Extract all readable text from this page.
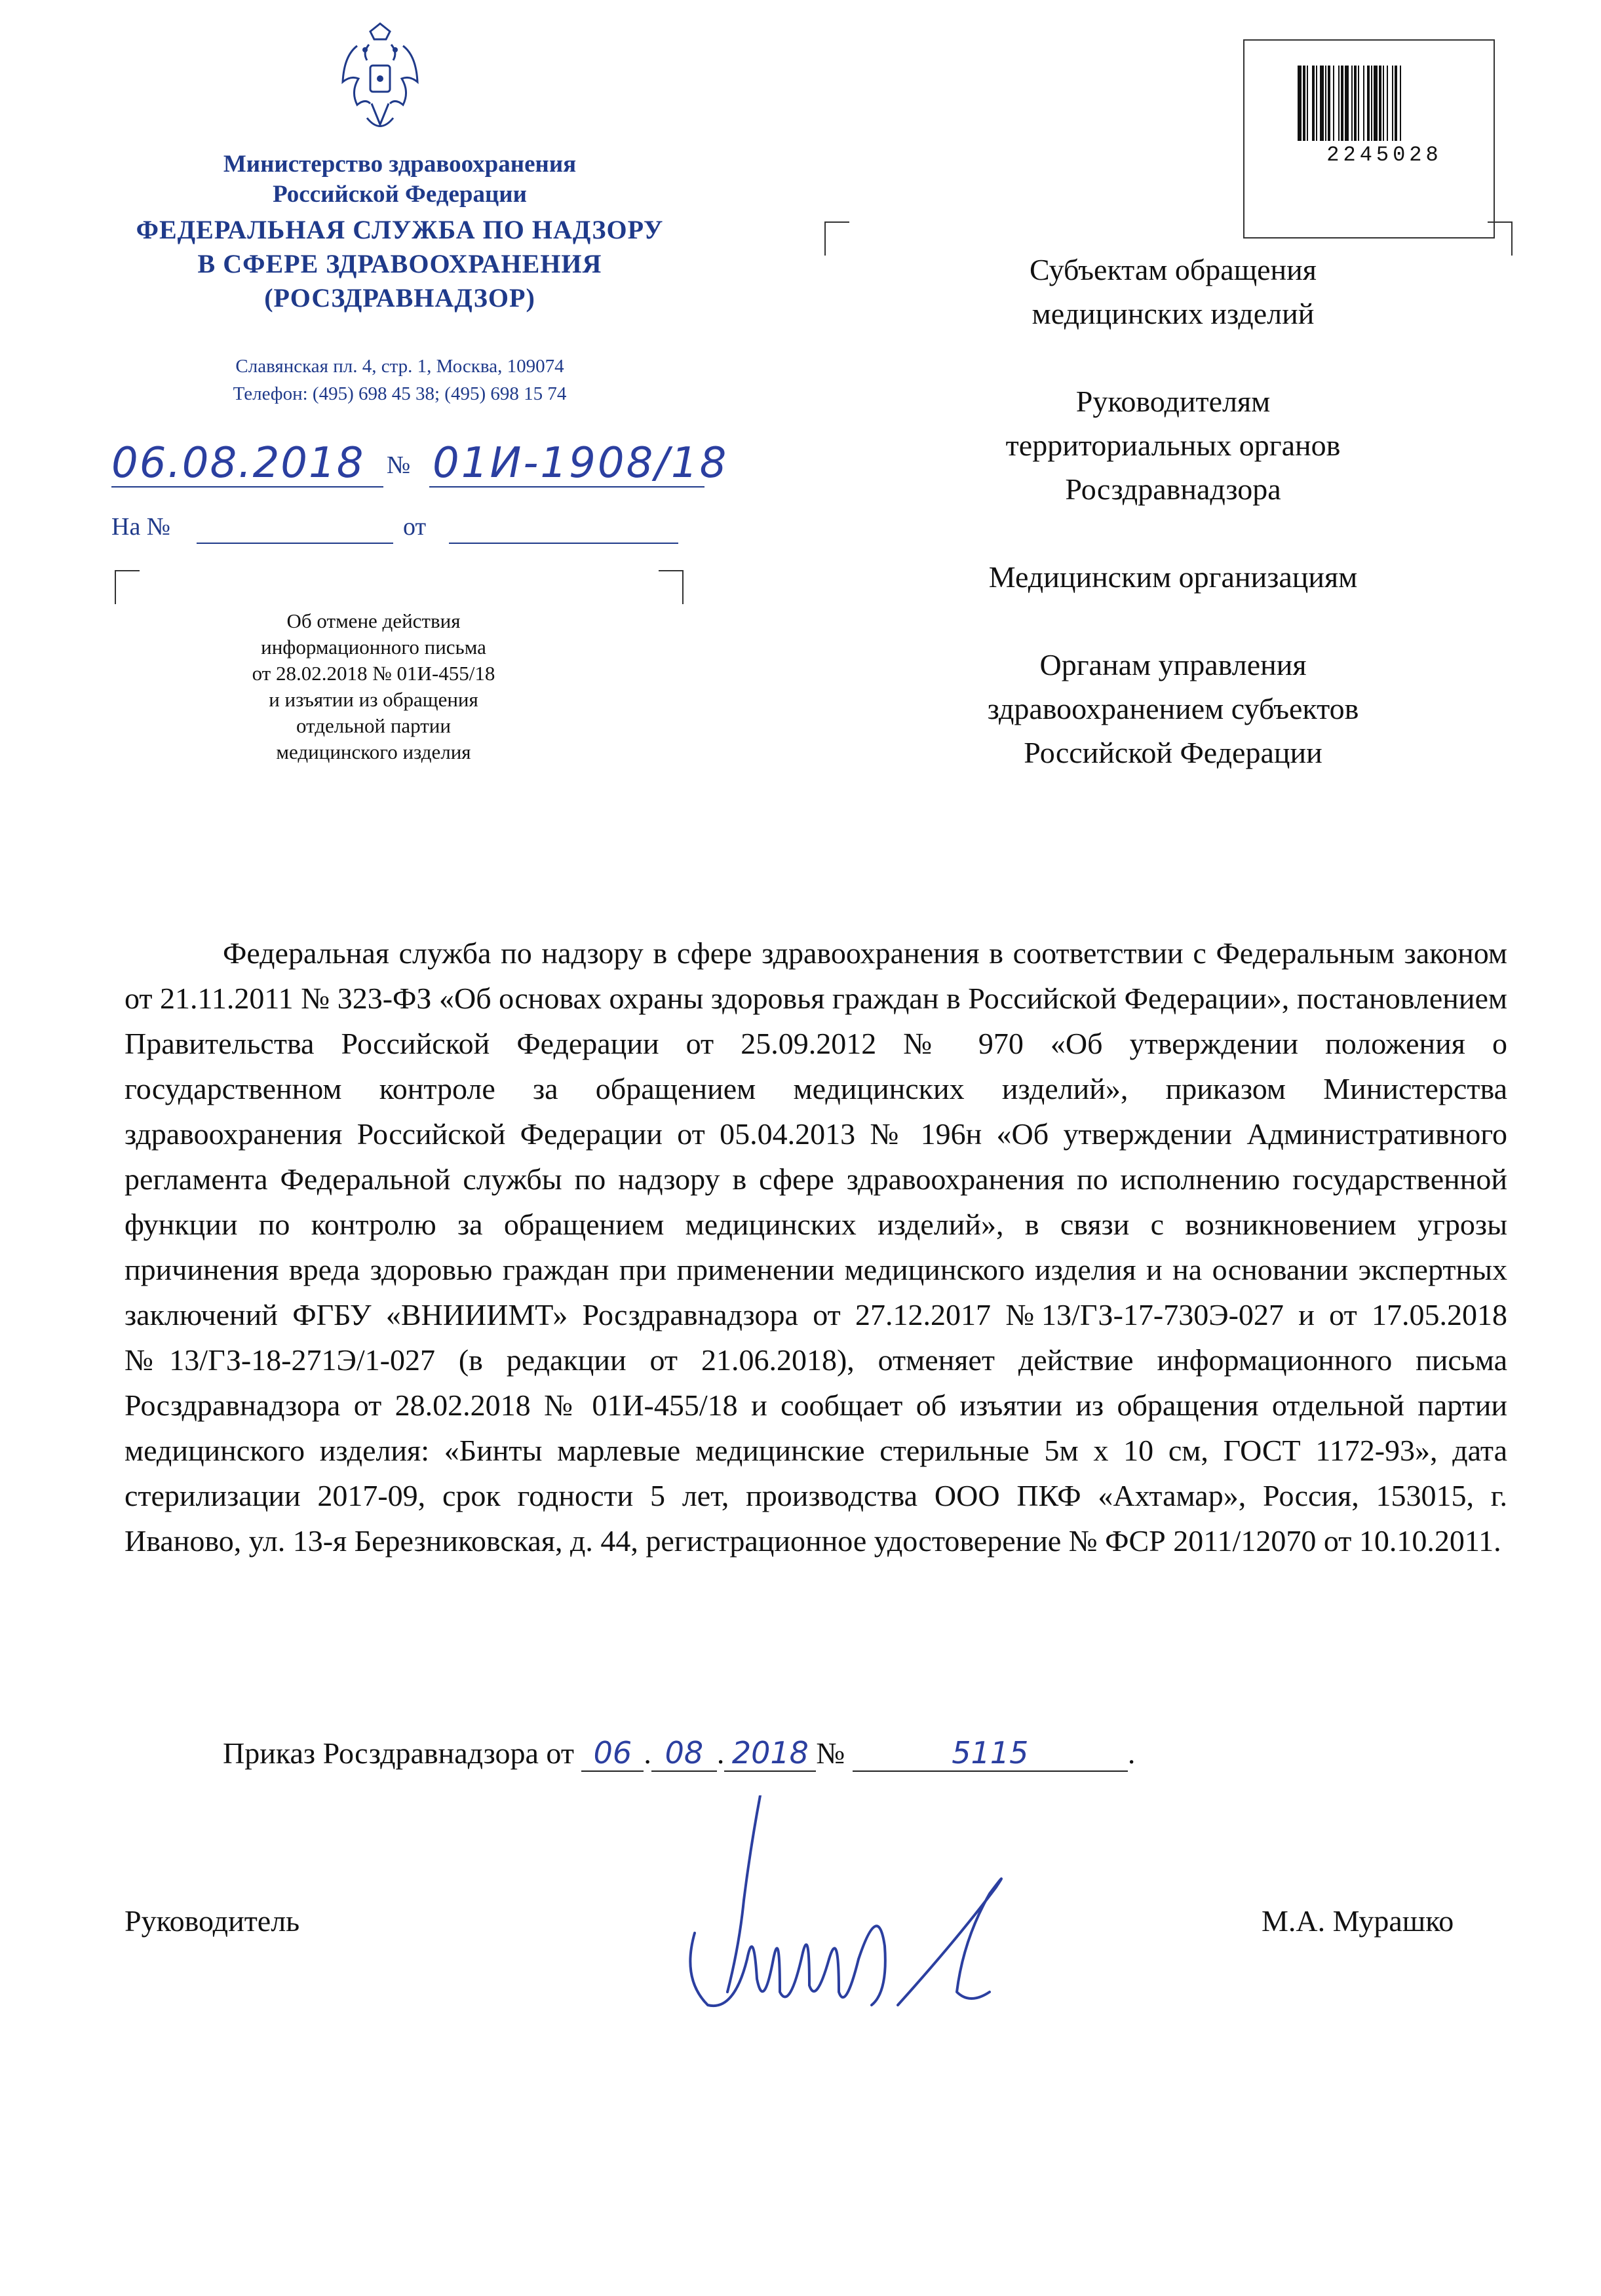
Министерство здравоохранения
Российской Федерации
ФЕДЕРАЛЬНАЯ СЛУЖБА ПО НАДЗОРУ
В СФЕРЕ ЗДРАВООХРАНЕНИЯ
(РОСЗДРАВНАДЗОР)
Славянская пл. 4, стр. 1, Москва, 109074
Телефон: (495) 698 45 38; (495) 698 15 74
06.08.2018 № 01И-1908/18
На №	от
Об отмене действия
информационного письма
от 28.02.2018 № 01И-455/18
и изъятии из обращения
отдельной партии
медицинского изделия
2245028
Субъектам обращения
медицинских изделий
Руководителям
территориальных органов
Росздравнадзора
Медицинским организациям
Органам управления
здравоохранением субъектов
Российской Федерации
Федеральная служба по надзору в сфере здравоохранения в соответствии с Федеральным законом от 21.11.2011 № 323-ФЗ «Об основах охраны здоровья граждан в Российской Федерации», постановлением Правительства Российской Федерации от 25.09.2012 № 970 «Об утверждении положения о государственном контроле за обращением медицинских изделий», приказом Министерства здравоохранения Российской Федерации от 05.04.2013 № 196н «Об утверждении Административного регламента Федеральной службы по надзору в сфере здравоохранения по исполнению государственной функции по контролю за обращением медицинских изделий», в связи с возникновением угрозы причинения вреда здоровью граждан при применении медицинского изделия и на основании экспертных заключений ФГБУ «ВНИИИМТ» Росздравнадзора от 27.12.2017 №13/ГЗ-17-730Э-027 и от 17.05.2018 №13/ГЗ-18-271Э/1-027 (в редакции от 21.06.2018), отменяет действие информационного письма Росздравнадзора от 28.02.2018 № 01И-455/18 и сообщает об изъятии из обращения отдельной партии медицинского изделия: «Бинты марлевые медицинские стерильные 5м х 10 см, ГОСТ 1172-93», дата стерилизации 2017-09, срок годности 5 лет, производства ООО ПКФ «Ахтамар», Россия, 153015, г. Иваново, ул. 13-я Березниковская, д. 44, регистрационное удостоверение № ФСР 2011/12070 от 10.10.2011.
Приказ Росздравнадзора от 06 . 08 . 2018 №	5115	.
Руководитель	М.А. Мурашко
